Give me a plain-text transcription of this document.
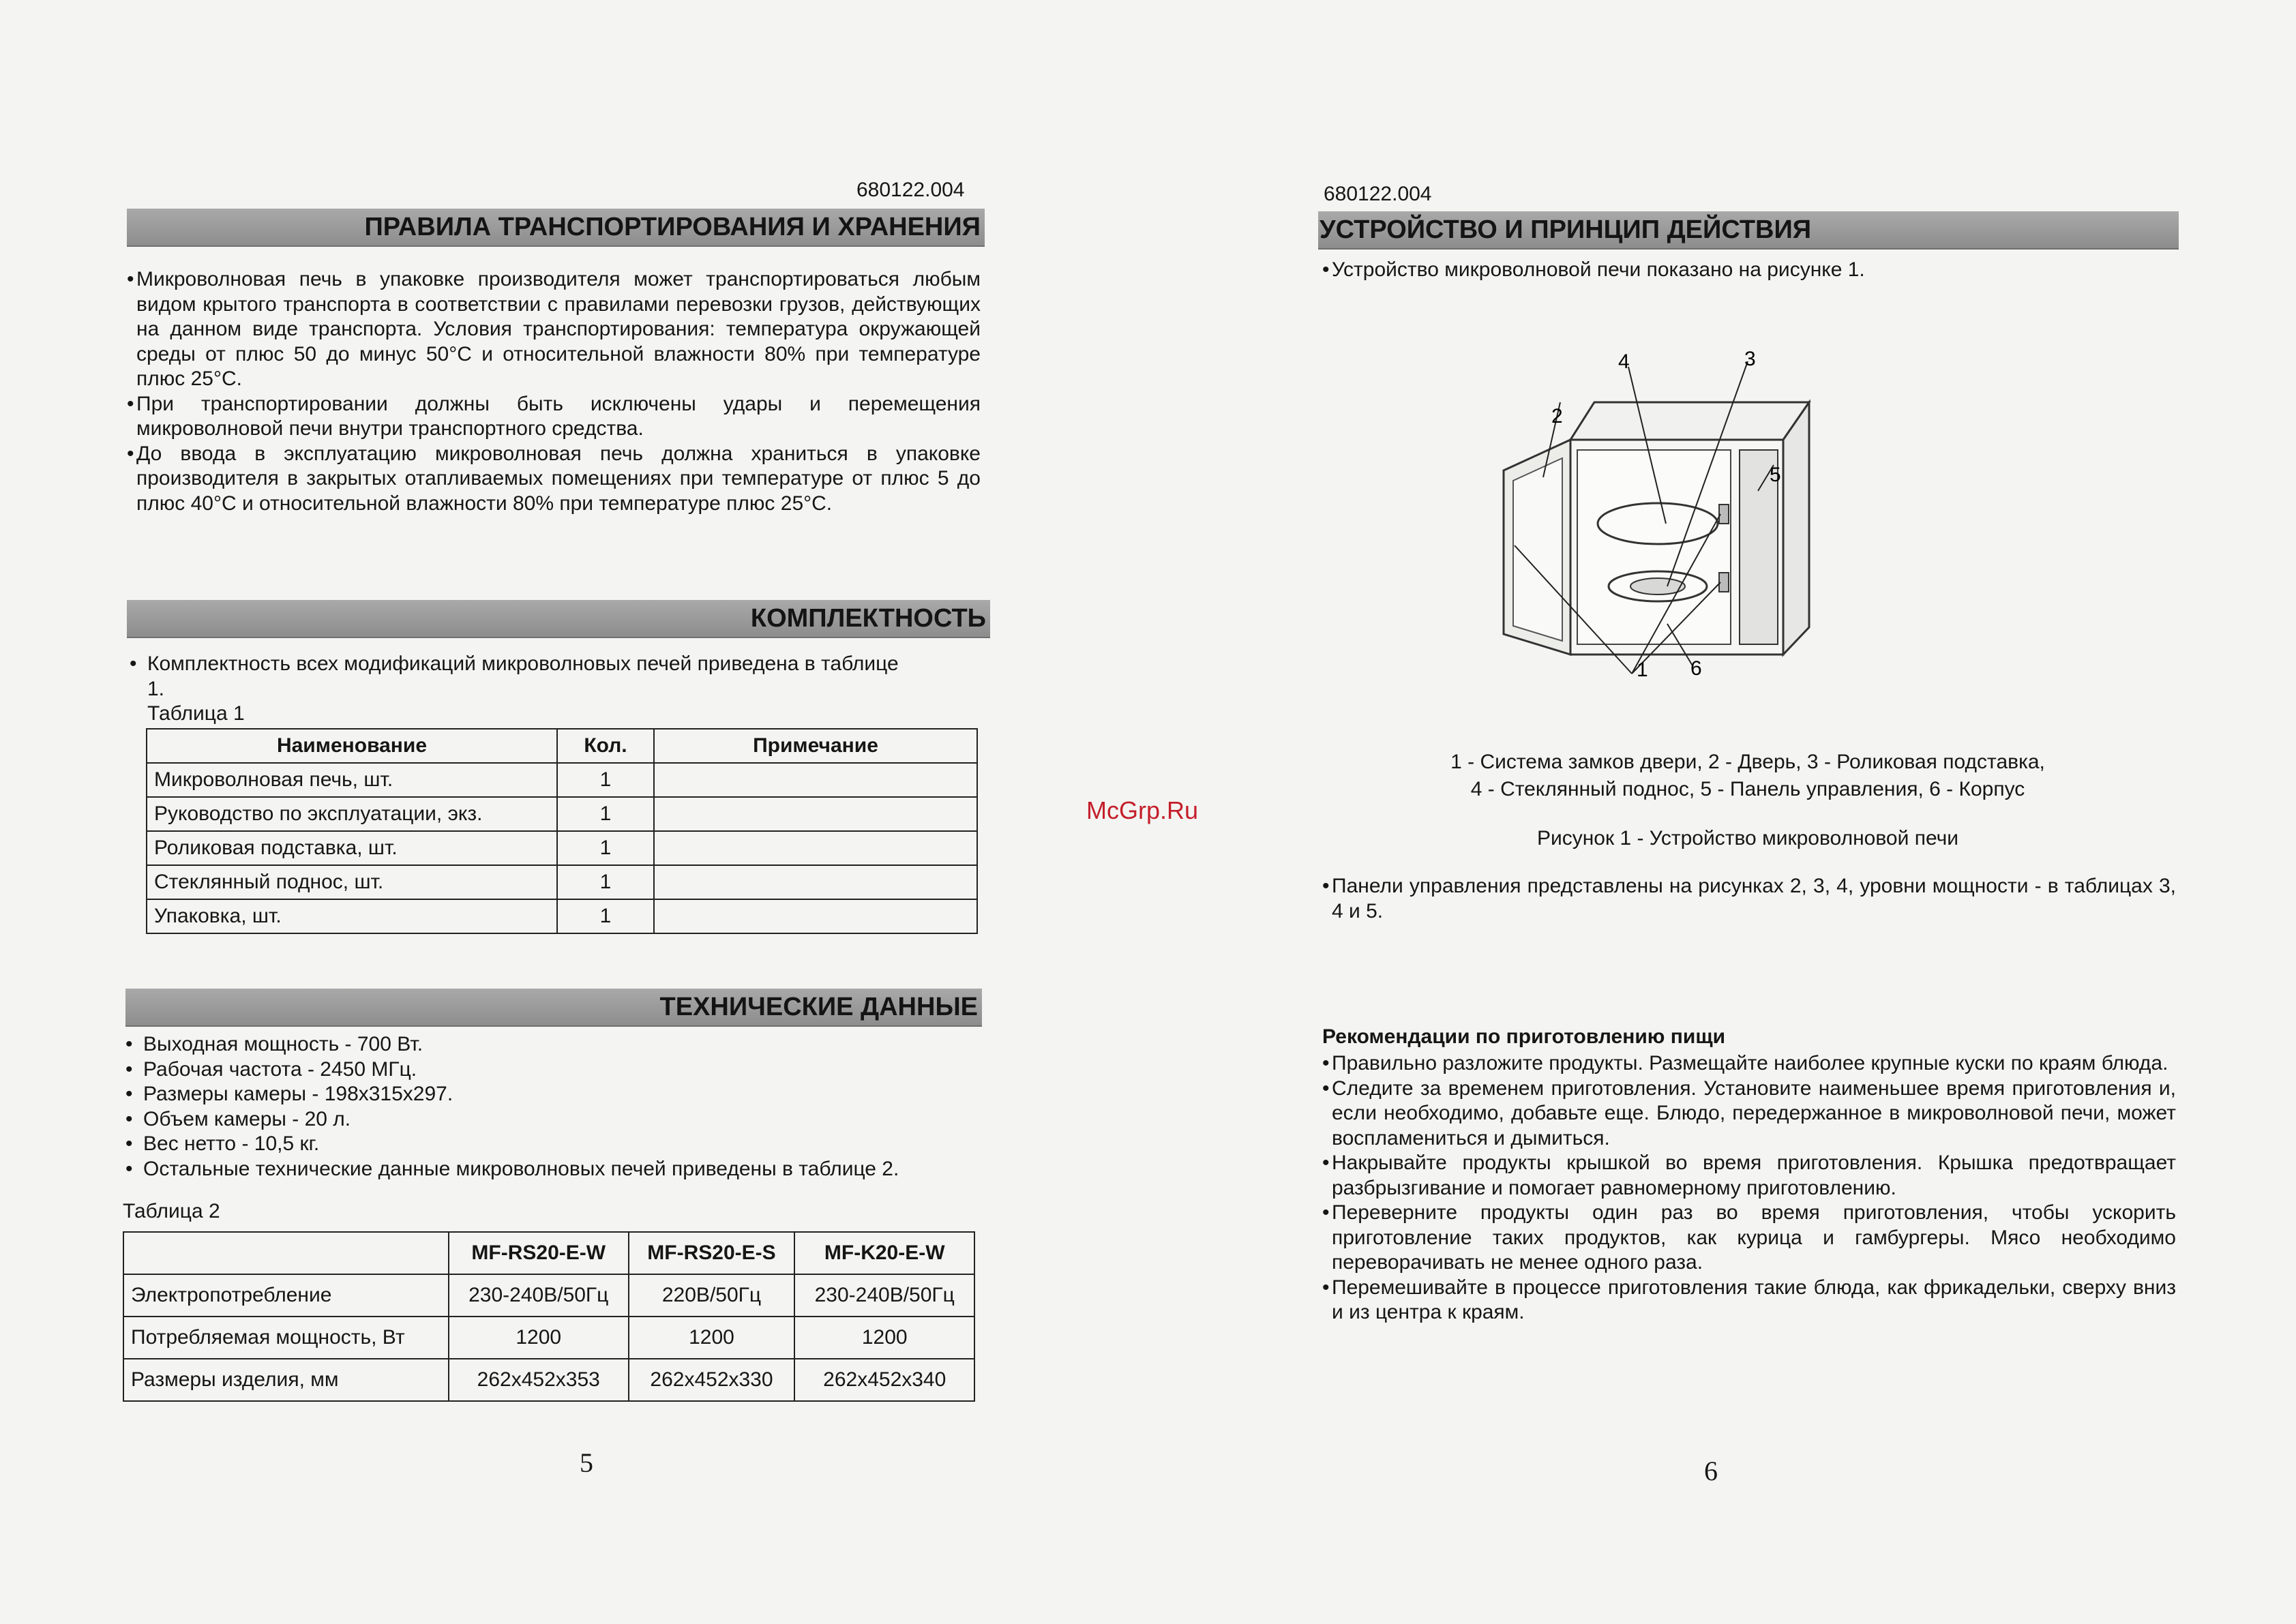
680122.004
ПРАВИЛА ТРАНСПОРТИРОВАНИЯ И ХРАНЕНИЯ
• Микроволновая печь в упаковке производителя может транспортироваться любым видом крытого транспорта в соответствии с правилами перевозки грузов, действующих на данном виде транспорта. Условия транспортирования: температура окружающей среды от плюс 50 до минус 50°С и относительной влажности 80% при температуре плюс 25°С.
• При транспортировании должны быть исключены удары и перемещения микроволновой печи внутри транспортного средства.
• До ввода в эксплуатацию микроволновая печь должна храниться в упаковке производителя в закрытых отапливаемых помещениях при температуре от плюс 5 до плюс 40°С и относительной влажности 80% при температуре плюс 25°С.
КОМПЛЕКТНОСТЬ
• Комплектность всех модификаций микроволновых печей приведена в таблице 1.
Таблица 1
Наименование	Кол.	Примечание
Микроволновая печь, шт.	1	
Руководство по эксплуатации, экз.	1	
Роликовая подставка, шт.	1	
Стеклянный поднос, шт.	1	
Упаковка, шт.	1	
ТЕХНИЧЕСКИЕ ДАННЫЕ
• Выходная мощность - 700 Вт.
• Рабочая частота - 2450 МГц.
• Размеры камеры - 198х315х297.
• Объем камеры - 20 л.
• Вес нетто - 10,5 кг.
• Остальные технические данные микроволновых печей приведены в таблице 2.
Таблица 2
	MF-RS20-E-W	MF-RS20-E-S	MF-K20-E-W
Электропотребление	230-240В/50Гц	220В/50Гц	230-240В/50Гц
Потребляемая мощность, Вт	1200	1200	1200
Размеры изделия, мм	262х452х353	262х452х330	262х452х340
5
McGrp.Ru
680122.004
УСТРОЙСТВО И ПРИНЦИП ДЕЙСТВИЯ
• Устройство микроволновой печи показано на рисунке 1.
1
2
3
4
5
6
1 - Система замков двери, 2 - Дверь, 3 - Роликовая подставка,
4 - Стеклянный поднос, 5 - Панель управления, 6 - Корпус
Рисунок 1 - Устройство микроволновой печи
• Панели управления представлены на рисунках 2, 3, 4, уровни мощности - в таблицах 3, 4 и 5.
Рекомендации по приготовлению пищи
• Правильно разложите продукты. Размещайте наиболее крупные куски по краям блюда.
• Следите за временем приготовления. Установите наименьшее время приготовления и, если необходимо, добавьте еще. Блюдо, передержанное в микроволновой печи, может воспламениться и дымиться.
• Накрывайте продукты крышкой во время приготовления. Крышка предотвращает разбрызгивание и помогает равномерному приготовлению.
• Переверните продукты один раз во время приготовления, чтобы ускорить приготовление таких продуктов, как курица и гамбургеры. Мясо необходимо переворачивать не менее одного раза.
• Перемешивайте в процессе приготовления такие блюда, как фрикадельки, сверху вниз и из центра к краям.
6
